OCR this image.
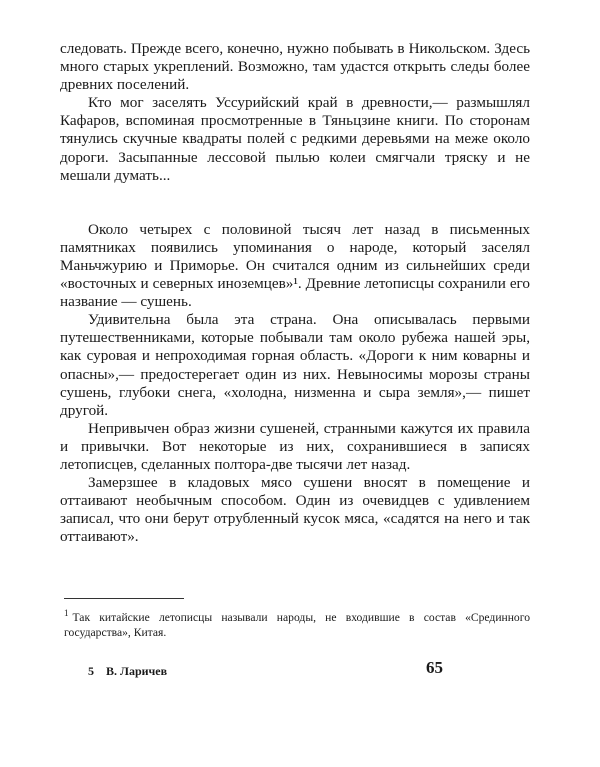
следовать. Прежде всего, конечно, нужно побывать в Никольском. Здесь много старых укреплений. Возможно, там удастся открыть следы более древних поселений.

Кто мог заселять Уссурийский край в древности,— размышлял Кафаров, вспоминая просмотренные в Тяньцзине книги. По сторонам тянулись скучные квадраты полей с редкими деревьями на меже около дороги. Засыпанные лессовой пылью колеи смягчали тряску и не мешали думать...

Около четырех с половиной тысяч лет назад в письменных памятниках появились упоминания о народе, который заселял Маньчжурию и Приморье. Он считался одним из сильнейших среди «восточных и северных иноземцев»¹. Древние летописцы сохранили его название — сушень.

Удивительна была эта страна. Она описывалась первыми путешественниками, которые побывали там около рубежа нашей эры, как суровая и непроходимая горная область. «Дороги к ним коварны и опасны»,— предостерегает один из них. Невыносимы морозы страны сушень, глубоки снега, «холодна, низменна и сыра земля»,— пишет другой.

Непривычен образ жизни сушеней, странными кажутся их правила и привычки. Вот некоторые из них, сохранившиеся в записях летописцев, сделанных полтора-две тысячи лет назад.

Замерзшее в кладовых мясо сушени вносят в помещение и оттаивают необычным способом. Один из очевидцев с удивлением записал, что они берут отрубленный кусок мяса, «садятся на него и так оттаивают».

$^1$ Так китайские летописцы называли народы, не входившие в состав «Срединного государства», Китая.
5 В. Ларичев	65
